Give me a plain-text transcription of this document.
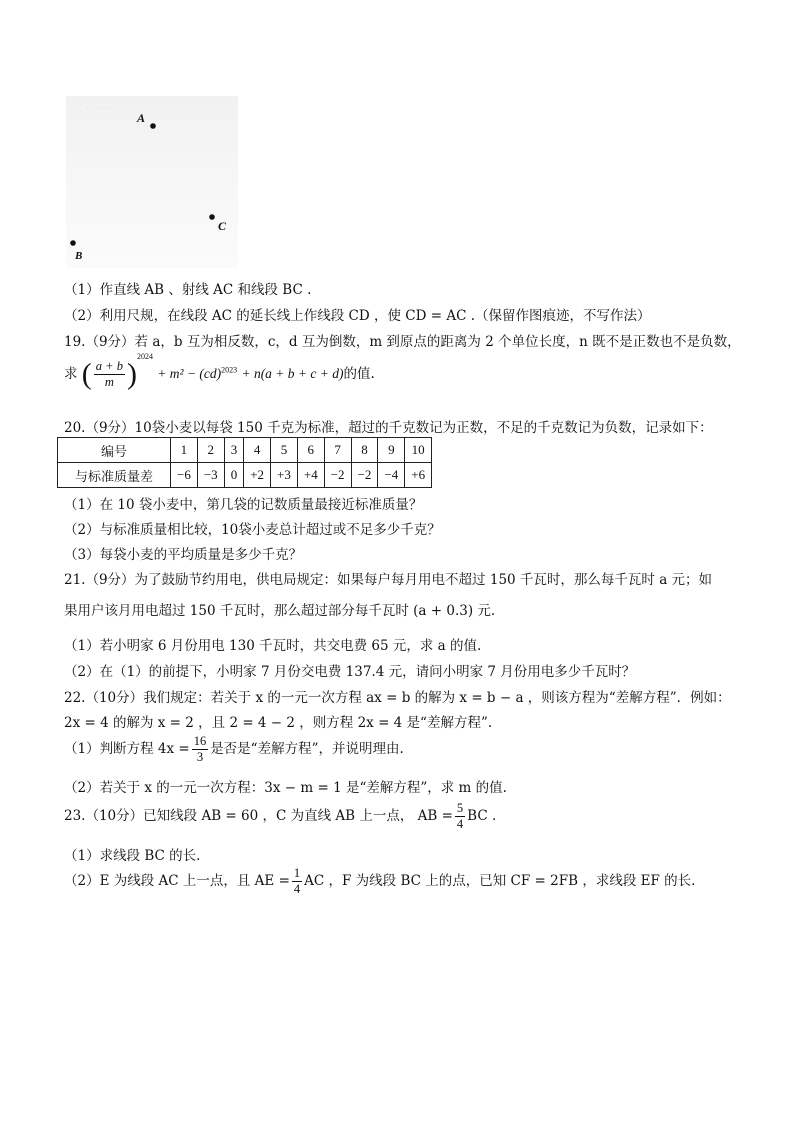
· · · · ·
A
C
B
（1）作直线 AB 、射线 AC 和线段 BC .
（2）利用尺规，在线段 AC 的延长线上作线段 CD ，使 CD = AC .（保留作图痕迹，不写作法）
19.（9分）若 a，b 互为相反数，c，d 互为倒数，m 到原点的距离为 2 个单位长度，n 既不是正数也不是负数，
求 ( $\frac{a + b}{m} )^{2024} + m^2 - (cd)^{2023} + n(a + b + c + d)$的值.
20.（9分）10袋小麦以每袋 150 千克为标准，超过的千克数记为正数，不足的千克数记为负数，记录如下：
编号	1	2	3	4	5	6	7	8	9	10
与标准质量差	−6	−3	0	+2	+3	+4	−2	−2	−4	+6
（1）在 10 袋小麦中，第几袋的记数质量最接近标准质量？
（2）与标准质量相比较，10袋小麦总计超过或不足多少千克？
（3）每袋小麦的平均质量是多少千克？
21.（9分）为了鼓励节约用电，供电局规定：如果每户每月用电不超过 150 千瓦时，那么每千瓦时 a 元；如
果用户该月用电超过 150 千瓦时，那么超过部分每千瓦时 (a + 0.3) 元.
（1）若小明家 6 月份用电 130 千瓦时，共交电费 65 元，求 a 的值.
（2）在（1）的前提下，小明家 7 月份交电费 137.4 元，请问小明家 7 月份用电多少千瓦时？
22.（10分）我们规定：若关于 x 的一元一次方程 ax = b 的解为 x = b − a ，则该方程为“差解方程”．例如：
2x = 4 的解为 x = 2 ，且 2 = 4 − 2 ，则方程 2x = 4 是“差解方程”.
（1）判断方程 $4x = \frac{16}{3}$ 是否是“差解方程”，并说明理由.
（2）若关于 x 的一元一次方程：3x − m = 1 是“差解方程”，求 m 的值.
23.（10分）已知线段 AB = 60 ，C 为直线 AB 上一点， AB = $\frac{5}{4}$ BC .
（1）求线段 BC 的长.
（2）E 为线段 AC 上一点，且 AE = $\frac{1}{4}$ AC ，F 为线段 BC 上的点，已知 CF = 2FB ，求线段 EF 的长.
